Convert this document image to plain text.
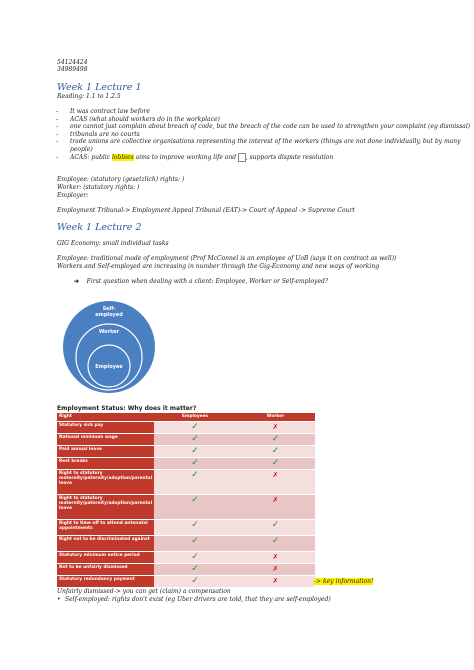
54124424
34989498
Week 1 Lecture 1
Reading: 1.1 to 1.2.5
- It was contract law before
- ACAS (what should workers do in the workplace)
- one cannot just complain about breach of code, but the breach of the code can be used to strengthen your complaint (eg dismissal)
- tribunals are no courts
- trade unions are collective organisations representing the interest of the workers (things are not done individually, but by many
people)
- ACAS: public lobbies aims to improve working life and   , supports dispute resolution
Employee: (statutory (gesetzlich) rights: )
Worker: (statutory rights: )
Employer:
Employment Tribunal-> Employment Appeal Tribunal (EAT)-> Court of Appeal -> Supreme Court
Week 1 Lecture 2
GIG Economy: small individual tasks
Employee: traditional mode of employment (Prof McConnel is an employee of UoB (says it on contract as well))
Workers and Self-employed are increasing in number through the Gig-Economy and new ways of working
➔ First question when dealing with a client: Employee, Worker or Self-employed?
Self-
employed
Worker
Employee
Employment Status: Why does it matter?
Right	Employees	Worker
Statutory sick pay	✓	✗
National minimum wage	✓	✓
Paid annual leave	✓	✓
Rest breaks	✓	✓
Right to statutory maternity/paternity/adoption/parental leave	✓	✗
Right to statutory maternity/paternity/adoption/parental leave	✓	✗
Right to time off to attend antenatal appointments	✓	✓
Right not to be discriminated against	✓	✓
Statutory minimum notice period	✓	✗
Not to be unfairly dismissed	✓	✗
Statutory redundancy payment	✓	✗	-> key information!
Unfairly dismissed-> you can get (claim) a compensation
• Self-employed: rights don't exist (eg Uber drivers are told, that they are self-employed)
